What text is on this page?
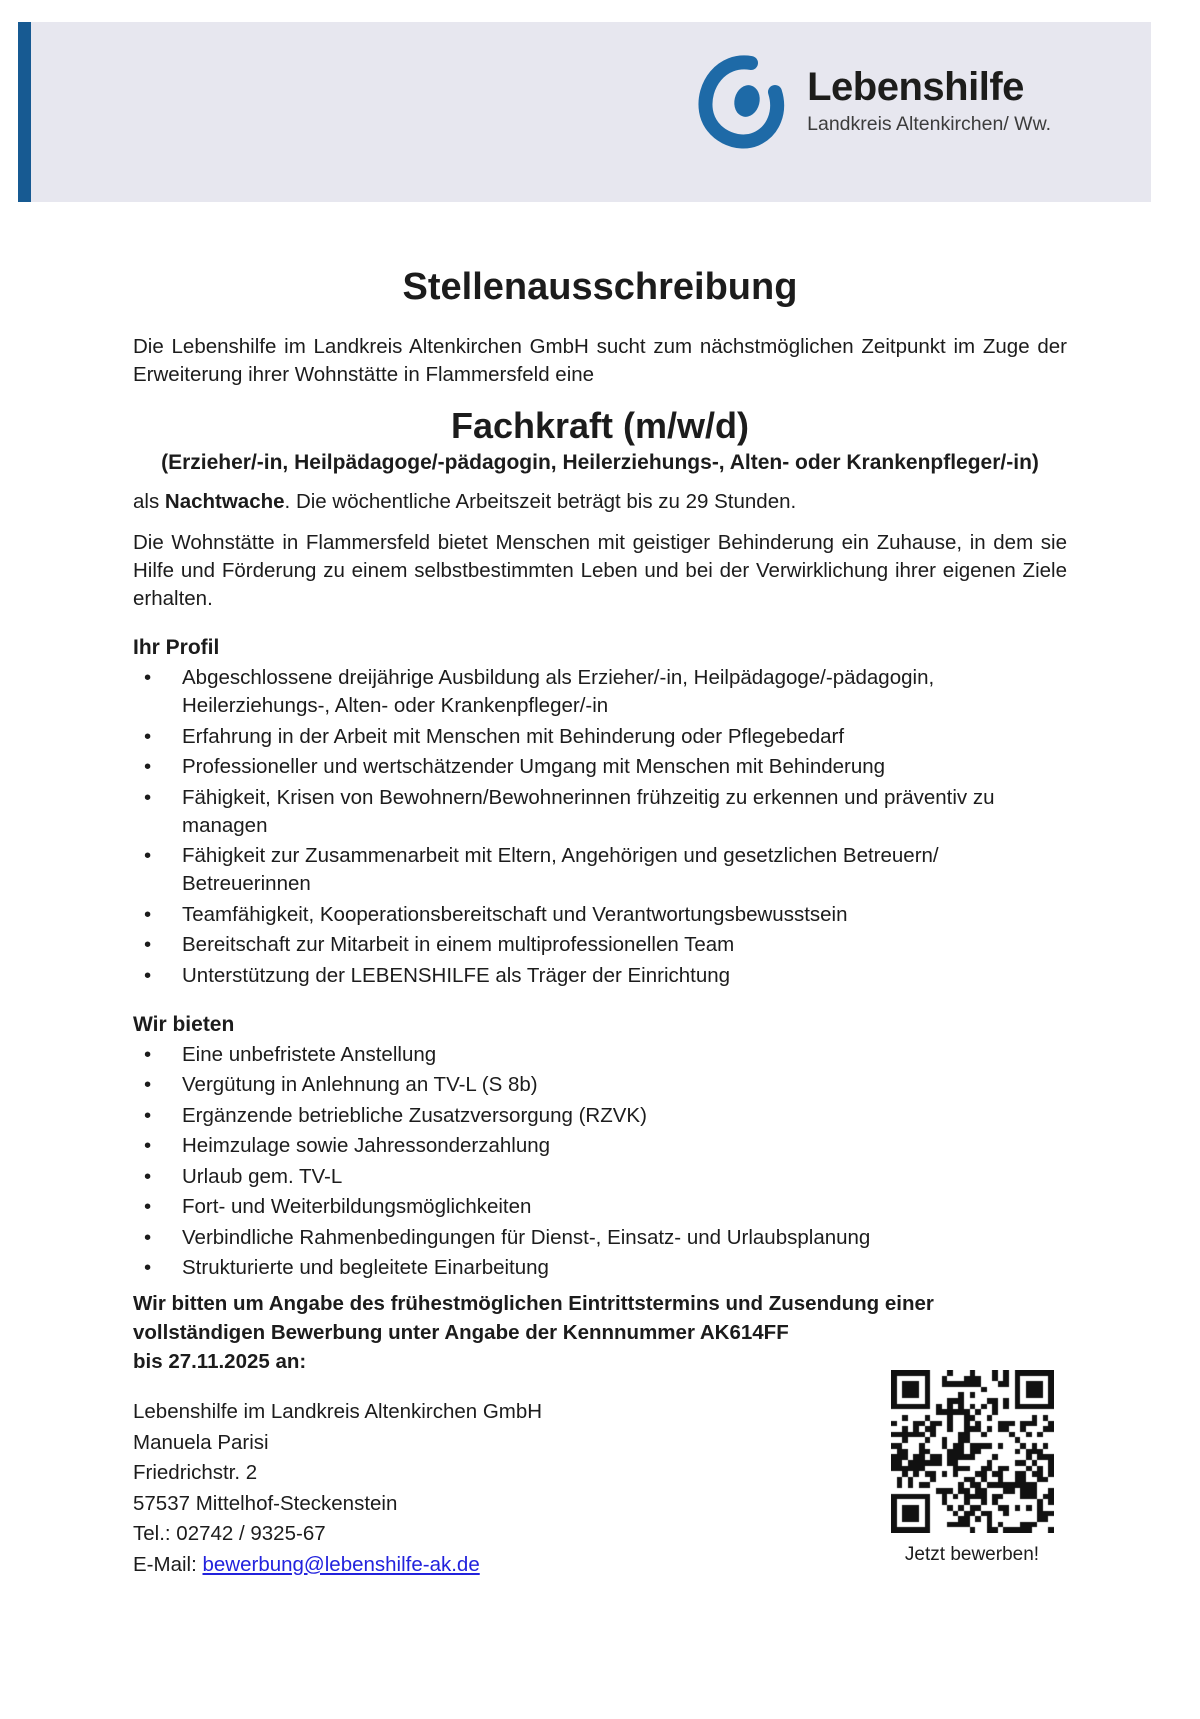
Lebenshilfe
Landkreis Altenkirchen/ Ww.
Stellenausschreibung

Die Lebenshilfe im Landkreis Altenkirchen GmbH sucht zum nächstmöglichen Zeitpunkt im Zuge der Erweiterung ihrer Wohnstätte in Flammersfeld eine

Fachkraft (m/w/d)

(Erzieher/-in, Heilpädagoge/-pädagogin, Heilerziehungs-, Alten- oder Krankenpfleger/-in)

als Nachtwache. Die wöchentliche Arbeitszeit beträgt bis zu 29 Stunden.

Die Wohnstätte in Flammersfeld bietet Menschen mit geistiger Behinderung ein Zuhause, in dem sie Hilfe und Förderung zu einem selbstbestimmten Leben und bei der Verwirklichung ihrer eigenen Ziele erhalten.

Ihr Profil
• Abgeschlossene dreijährige Ausbildung als Erzieher/-in, Heilpädagoge/-pädagogin, Heilerziehungs-, Alten- oder Krankenpfleger/-in
• Erfahrung in der Arbeit mit Menschen mit Behinderung oder Pflegebedarf
• Professioneller und wertschätzender Umgang mit Menschen mit Behinderung
• Fähigkeit, Krisen von Bewohnern/Bewohnerinnen frühzeitig zu erkennen und präventiv zu managen
• Fähigkeit zur Zusammenarbeit mit Eltern, Angehörigen und gesetzlichen Betreuern/ Betreuerinnen
• Teamfähigkeit, Kooperationsbereitschaft und Verantwortungsbewusstsein
• Bereitschaft zur Mitarbeit in einem multiprofessionellen Team
• Unterstützung der LEBENSHILFE als Träger der Einrichtung
Wir bieten
• Eine unbefristete Anstellung
• Vergütung in Anlehnung an TV-L (S 8b)
• Ergänzende betriebliche Zusatzversorgung (RZVK)
• Heimzulage sowie Jahressonderzahlung
• Urlaub gem. TV-L
• Fort- und Weiterbildungsmöglichkeiten
• Verbindliche Rahmenbedingungen für Dienst-, Einsatz- und Urlaubsplanung
• Strukturierte und begleitete Einarbeitung

Wir bitten um Angabe des frühestmöglichen Eintrittstermins und Zusendung einer
vollständigen Bewerbung unter Angabe der Kennnummer AK614FF
bis 27.11.2025 an:

Lebenshilfe im Landkreis Altenkirchen GmbH
Manuela Parisi
Friedrichstr. 2
57537 Mittelhof-Steckenstein
Tel.: 02742 / 9325-67
E-Mail: bewerbung@lebenshilfe-ak.de	Jetzt bewerben!
